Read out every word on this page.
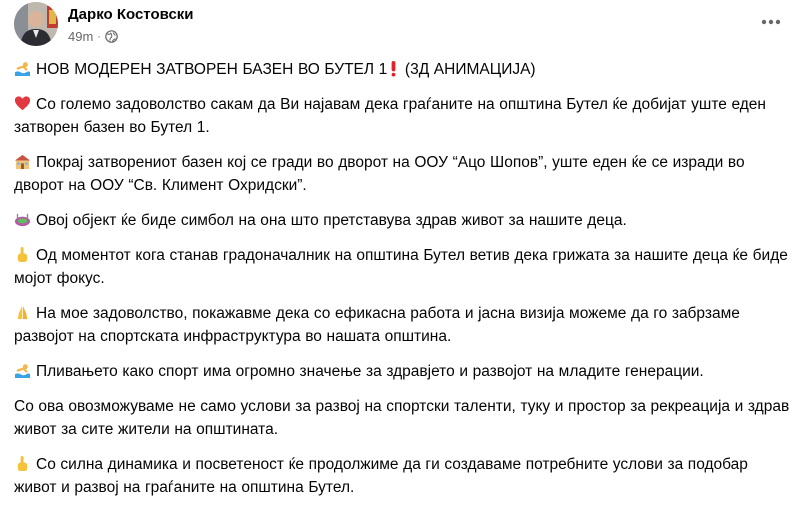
Дарко Костовски
49m ·

НОВ МОДЕРЕН ЗАТВОРЕН БАЗЕН ВО БУТЕЛ 1 (3Д АНИМАЦИЈА)

Со големо задоволство сакам да Ви најавам дека граѓаните на општина Бутел ќе добијат уште еден затворен базен во Бутел 1.

Покрај затворениот базен кој се гради во дворот на ООУ “Ацо Шопов”, уште еден ќе се изради во дворот на ООУ “Св. Климент Охридски”.

Овој објект ќе биде симбол на она што претставува здрав живот за нашите деца.

Од моментот кога станав градоначалник на општина Бутел ветив дека грижата за нашите деца ќе биде мојот фокус.

На мое задоволство, покажавме дека со ефикасна работа и јасна визија можеме да го забрзаме развојот на спортската инфраструктура во нашата општина.

Пливањето како спорт има огромно значење за здравјето и развојот на младите генерации.

Со ова овозможуваме не само услови за развој на спортски таленти, туку и простор за рекреација и здрав живот за сите жители на општината.

Со силна динамика и посветеност ќе продолжиме да ги создаваме потребните услови за подобар живот и развој на граѓаните на општина Бутел.
